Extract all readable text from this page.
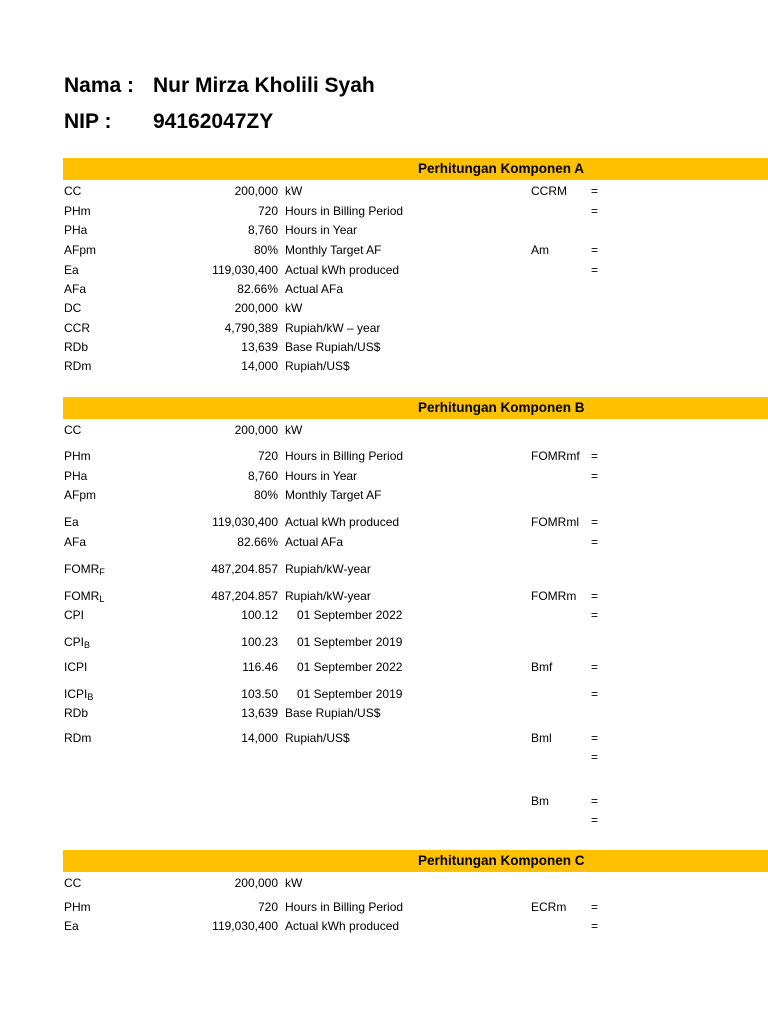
Nama : Nur Mirza Kholili Syah
NIP : 94162047ZY
Perhitungan Komponen A
CC	200,000 kW	CCRM =
PHm	720 Hours in Billing Period	=
PHa	8,760 Hours in Year
AFpm	80% Monthly Target AF	Am	=
Ea	119,030,400 Actual kWh produced	=
AFa	82.66% Actual AFa
DC	200,000 kW
CCR	4,790,389 Rupiah/kW – year
RDb	13,639 Base Rupiah/US$
RDm	14,000 Rupiah/US$
Perhitungan Komponen B
CC	200,000 kW
PHm	720 Hours in Billing Period	FOMRmf =
PHa	8,760 Hours in Year	=
AFpm	80% Monthly Target AF
Ea	119,030,400 Actual kWh produced	FOMRml =
AFa	82.66% Actual AFa	=
$FOMR_F$	487,204.857 Rupiah/kW-year
$FOMR_L$	487,204.857 Rupiah/kW-year	FOMRm =
CPI	100.12 01 September 2022	=
$CPI_B$	100.23 01 September 2019
ICPI	116.46 01 September 2022	Bmf	=
$ICPI_B$	103.50 01 September 2019	=
RDb	13,639 Base Rupiah/US$
RDm	14,000 Rupiah/US$	Bml	=
=
Bm	=
=
Perhitungan Komponen C
CC	200,000 kW
PHm	720 Hours in Billing Period	ECRm =
Ea	119,030,400 Actual kWh produced	=
